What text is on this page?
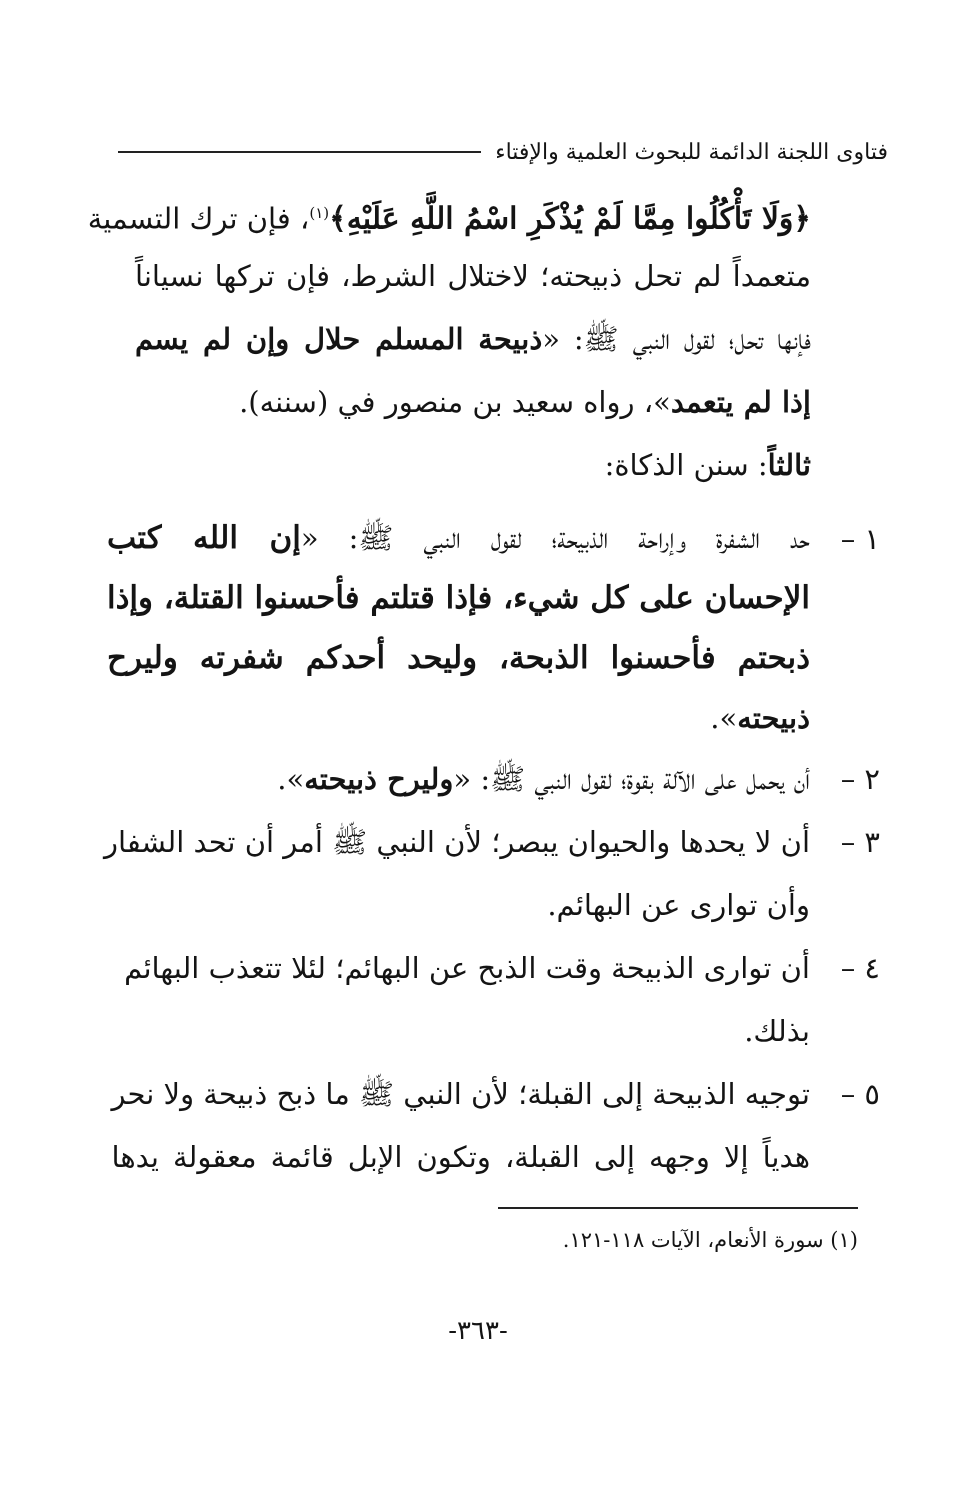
فتاوى اللجنة الدائمة للبحوث العلمية والإفتاء
﴿وَلَا تَأْكُلُوا مِمَّا لَمْ يُذْكَرِ اسْمُ اللَّهِ عَلَيْهِ﴾$^{(١)}$، فإن ترك التسمية
متعمداً لم تحل ذبيحته؛ لاختلال الشرط، فإن تركها نسياناً
فإنها تحل؛ لقول النبي ﷺ: «ذبيحة المسلم حلال وإن لم يسم
إذا لم يتعمد»، رواه سعيد بن منصور في (سننه).
ثالثاً: سنن الذكاة:
١ –
حد الشفرة وإراحة الذبيحة؛ لقول النبي ﷺ: «إن الله كتب
الإحسان على كل شيء، فإذا قتلتم فأحسنوا القتلة، وإذا
ذبحتم فأحسنوا الذبحة، وليحد أحدكم شفرته وليرح
ذبيحته».
٢ –
أن يحمل على الآلة بقوة؛ لقول النبي ﷺ: «وليرح ذبيحته».
٣ –
أن لا يحدها والحيوان يبصر؛ لأن النبي ﷺ أمر أن تحد الشفار
وأن توارى عن البهائم.
٤ –
أن توارى الذبيحة وقت الذبح عن البهائم؛ لئلا تتعذب البهائم
بذلك.
٥ –
توجيه الذبيحة إلى القبلة؛ لأن النبي ﷺ ما ذبح ذبيحة ولا نحر
هدياً إلا وجهه إلى القبلة، وتكون الإبل قائمة معقولة يدها
(١) سورة الأنعام، الآيات ١١٨-١٢١.
-٣٦٣-
